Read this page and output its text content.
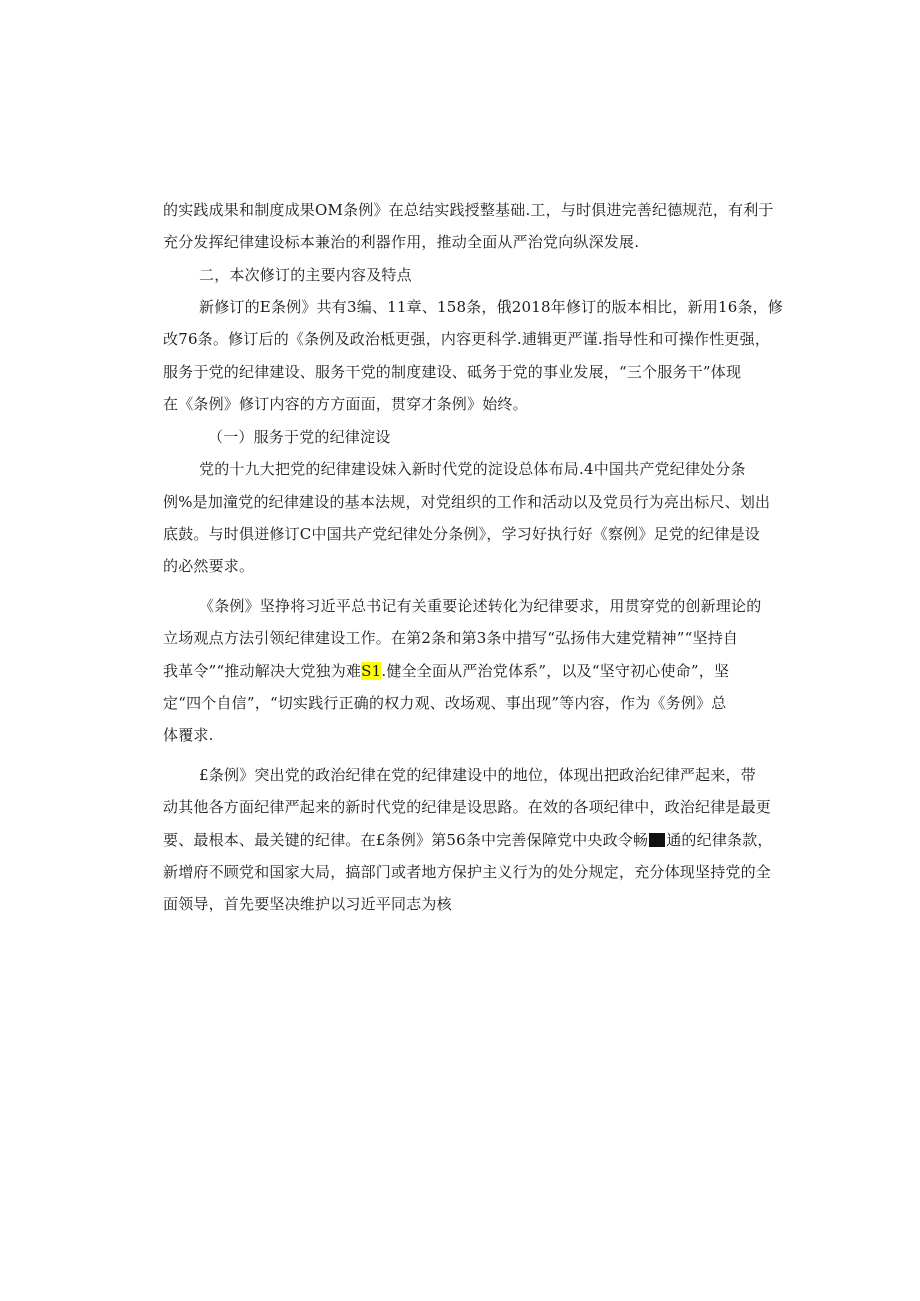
的实践成果和制度成果OM条例》在总结实践授整基础.工，与时俱进完善纪德规范，有利于
充分发挥纪律建设标本兼治的利器作用，推动全面从严治党向纵深发展.
二，本次修订的主要内容及特点
新修订的E条例》共有3编、11章、158条，俄2018年修订的版本相比，新用16条，修
改76条。修订后的《条例及政治柢更强，内容更科学.逋辑更严谨.指导性和可操作性更强，
服务于党的纪律建设、服务干党的制度建设、砥务于党的事业发展，“三个服务干”体现
在《条例》修订内容的方方面面，贯穿才条例》始终。
（一）服务于党的纪律淀设
党的十九大把党的纪律建设妹入新时代党的淀设总体布局.4中国共产党纪律处分条
例%是加潼党的纪律建设的基本法规，对党组织的工作和活动以及党员行为亮出标尺、划出
底鼓。与时俱迸修订C中国共产党纪律处分条例》，学习好执行好《察例》足党的纪律是设
的必然要求。
《条例》坚挣将习近平总书记有关重要论述转化为纪律要求，用贯穿党的创新理论的
立场观点方法引领纪律建设工作。在第2条和第3条中措写“弘扬伟大建党精神”“坚持自
我革令”“推动解决大党独为难S1.健全全面从严治党体系”，以及“坚守初心使命”，坚
定“四个自信”，“切实践行正确的权力观、改场观、事出现”等内容，作为《务例》总
体覆求.
£条例》突出党的政治纪律在党的纪律建设中的地位，体现出把政治纪律严起来，带
动其他各方面纪律严起来的新时代党的纪律是设思路。在效的各项纪律中，政治纪律是最更
要、最根本、最关键的纪律。在£条例》第56条中完善保障党中央政令畅 通的纪律条款，
新增府不顾党和国家大局，搞部门或者地方保护主义行为的处分规定，充分体现坚持党的全
面领导，首先要坚决维护以习近平同志为核
